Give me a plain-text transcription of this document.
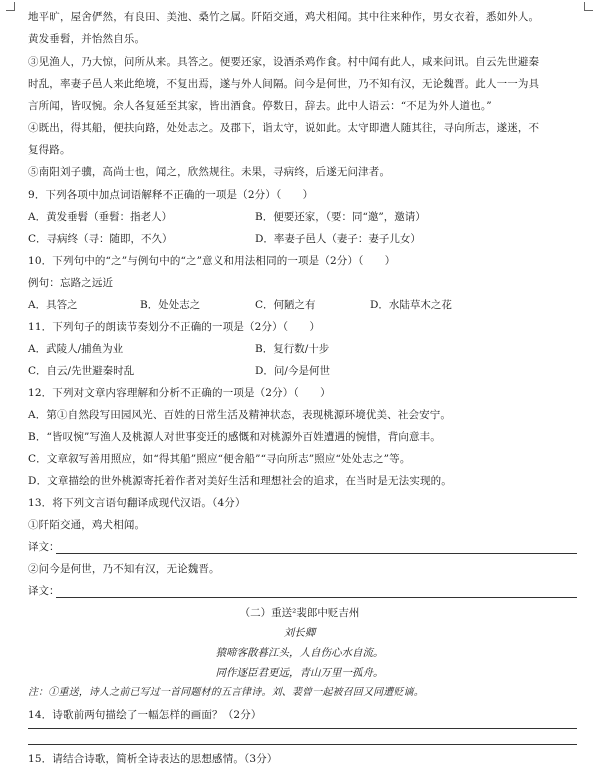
地平旷，屋舍俨然，有良田、美池、桑竹之属。阡陌交通，鸡犬相闻。其中往来种作，男女衣着，悉如外人。
黄发垂髫，并怡然自乐。
③见渔人，乃大惊，问所从来。具答之。便要还家，设酒杀鸡作食。村中闻有此人，咸来问讯。自云先世避秦
时乱，率妻子邑人来此绝境，不复出焉，遂与外人间隔。问今是何世，乃不知有汉，无论魏晋。此人一一为具
言所闻，皆叹惋。余人各复延至其家，皆出酒食。停数日，辞去。此中人语云：“不足为外人道也。”
④既出，得其船，便扶向路，处处志之。及郡下，诣太守，说如此。太守即遣人随其往，寻向所志，遂迷，不
复得路。
⑤南阳刘子骥，高尚士也，闻之，欣然规往。未果，寻病终，后遂无问津者。
9．下列各项中加点词语解释不正确的一项是（2分）（　　）
A．黄发垂髫（垂髫：指老人）	B．便要还家，（要：同“邀”，邀请）
C．寻病终（寻：随即，不久）	D．率妻子邑人（妻子：妻子儿女）
10．下列句中的“之”与例句中的“之”意义和用法相同的一项是（2分）（　　）
例句：忘路之远近
A．具答之	B．处处志之	C．何陋之有	D．水陆草木之花
11．下列句子的朗读节奏划分不正确的一项是（2分）（　　）
A．武陵人/捕鱼为业	B．复行数/十步
C．自云/先世避秦时乱	D．问/今是何世
12．下列对文章内容理解和分析不正确的一项是（2分）（　　）
A．第①自然段写田园风光、百姓的日常生活及精神状态，表现桃源环境优美、社会安宁。
B．“皆叹惋”写渔人及桃源人对世事变迁的感慨和对桃源外百姓遭遇的惋惜，背向意丰。
C．文章叙写善用照应，如“得其船”照应“便舍船”“寻向所志”照应“处处志之”等。
D．文章描绘的世外桃源寄托着作者对美好生活和理想社会的追求，在当时是无法实现的。
13．将下列文言语句翻译成现代汉语。（4分）
①阡陌交通，鸡犬相闻。
译文：
②问今是何世，乃不知有汉，无论魏晋。
译文：
（二）重送²裴郎中贬吉州
刘长卿
猿啼客散暮江头，人自伤心水自流。
同作逐臣君更远，青山万里一孤舟。
注：①重送，诗人之前已写过一首同题材的五言律诗。刘、裴曾一起被召回又同遭贬谪。
14．诗歌前两句描绘了一幅怎样的画面？（2分）
15．请结合诗歌，简析全诗表达的思想感情。（3分）
